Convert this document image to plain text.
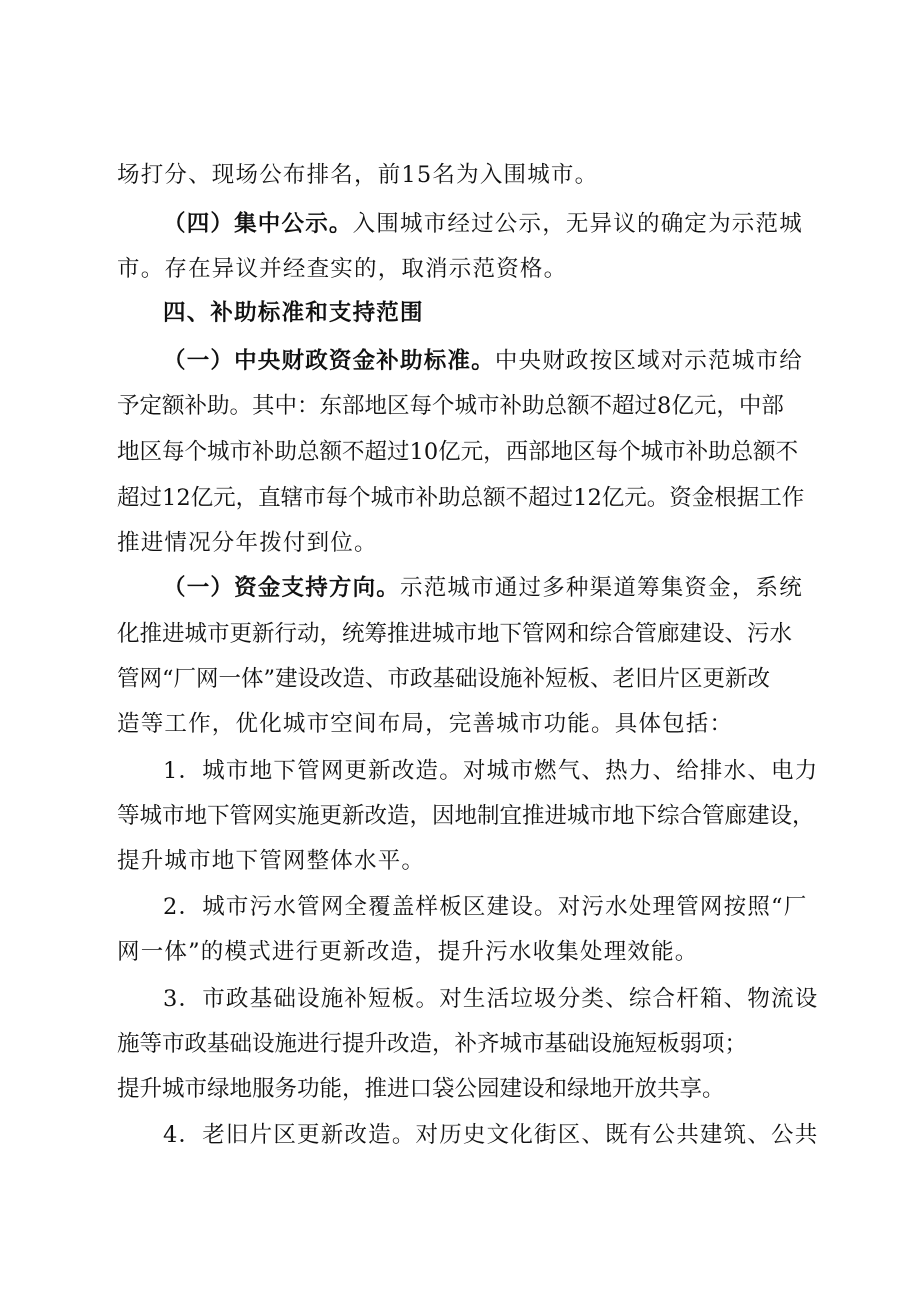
场打分、现场公布排名，前15名为入围城市。

（四）集中公示。入围城市经过公示，无异议的确定为示范城

市。存在异议并经查实的，取消示范资格。

四、补助标准和支持范围

（一）中央财政资金补助标准。中央财政按区域对示范城市给

予定额补助。其中：东部地区每个城市补助总额不超过8亿元，中部

地区每个城市补助总额不超过10亿元，西部地区每个城市补助总额不

超过12亿元，直辖市每个城市补助总额不超过12亿元。资金根据工作

推进情况分年拨付到位。

（一）资金支持方向。示范城市通过多种渠道筹集资金，系统

化推进城市更新行动，统筹推进城市地下管网和综合管廊建设、污水

管网“厂网一体”建设改造、市政基础设施补短板、老旧片区更新改

造等工作，优化城市空间布局，完善城市功能。具体包括：

1．城市地下管网更新改造。对城市燃气、热力、给排水、电力

等城市地下管网实施更新改造，因地制宜推进城市地下综合管廊建设，

提升城市地下管网整体水平。

2．城市污水管网全覆盖样板区建设。对污水处理管网按照“厂

网一体”的模式进行更新改造，提升污水收集处理效能。

3．市政基础设施补短板。对生活垃圾分类、综合杆箱、物流设

施等市政基础设施进行提升改造，补齐城市基础设施短板弱项；

提升城市绿地服务功能，推进口袋公园建设和绿地开放共享。

4．老旧片区更新改造。对历史文化街区、既有公共建筑、公共
